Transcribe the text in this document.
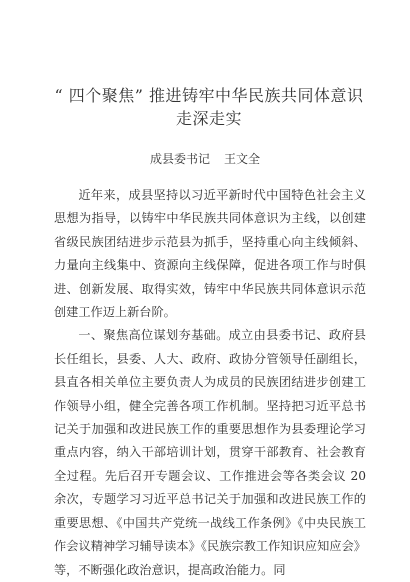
“ 四个聚焦” 推进铸牢中华民族共同体意识
走深走实
成县委书记 王文全

近年来，成县坚持以习近平新时代中国特色社会主义思想为指导，以铸牢中华民族共同体意识为主线，以创建省级民族团结进步示范县为抓手，坚持重心向主线倾斜、力量向主线集中、资源向主线保障，促进各项工作与时俱进、创新发展、取得实效，铸牢中华民族共同体意识示范创建工作迈上新台阶。

一、聚焦高位谋划夯基础。成立由县委书记、政府县长任组长，县委、人大、政府、政协分管领导任副组长，县直各相关单位主要负责人为成员的民族团结进步创建工作领导小组，健全完善各项工作机制。坚持把习近平总书记关于加强和改进民族工作的重要思想作为县委理论学习重点内容，纳入干部培训计划，贯穿干部教育、社会教育全过程。先后召开专题会议、工作推进会等各类会议 20 余次，专题学习习近平总书记关于加强和改进民族工作的重要思想、《中国共产党统一战线工作条例》《中央民族工作会议精神学习辅导读本》《民族宗教工作知识应知应会》等，不断强化政治意识，提高政治能力。同
